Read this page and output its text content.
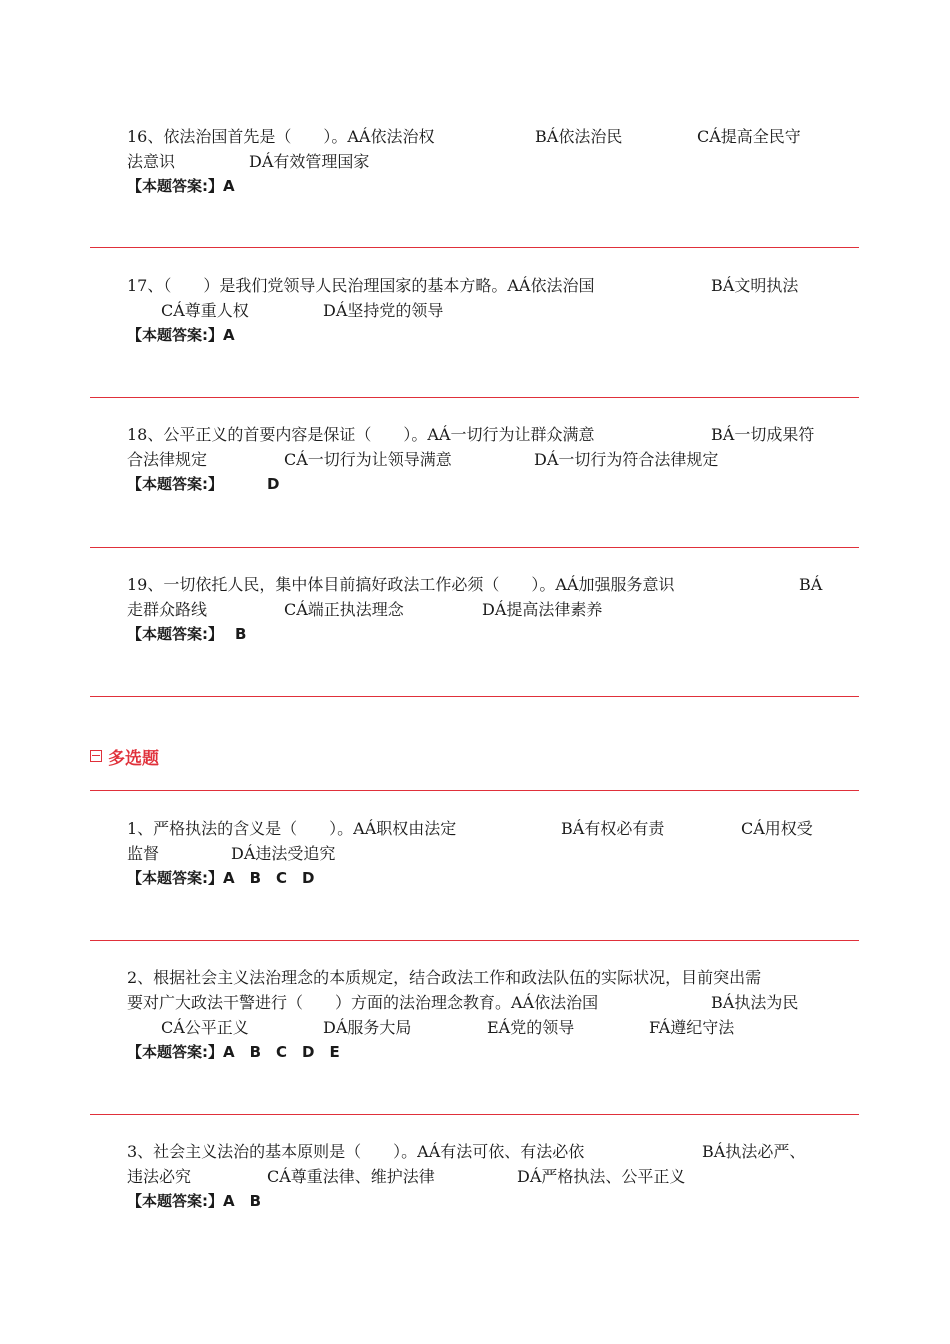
16、依法治国首先是（　　）。AÁ依法治权	BÁ依法治民	CÁ提高全民守
法意识	DÁ有效管理国家
【本题答案:】A
17、（　　）是我们党领导人民治理国家的基本方略。AÁ依法治国	BÁ文明执法
CÁ尊重人权	DÁ坚持党的领导
【本题答案:】A
18、公平正义的首要内容是保证（　　）。AÁ一切行为让群众满意	BÁ一切成果符
合法律规定	CÁ一切行为让领导满意	DÁ一切行为符合法律规定
【本题答案:】	D
19、一切依托人民，集中体目前搞好政法工作必须（　　）。AÁ加强服务意识	BÁ
走群众路线	CÁ端正执法理念	DÁ提高法律素养
【本题答案:】 B
多选题
1、严格执法的含义是（　　）。AÁ职权由法定	BÁ有权必有责	CÁ用权受
监督	DÁ违法受追究
【本题答案:】A　B　C　D
2、根据社会主义法治理念的本质规定，结合政法工作和政法队伍的实际状况，目前突出需
要对广大政法干警进行（　　）方面的法治理念教育。AÁ依法治国	BÁ执法为民
CÁ公平正义	DÁ服务大局	EÁ党的领导	FÁ遵纪守法
【本题答案:】A　B　C　D　E
3、社会主义法治的基本原则是（　　）。AÁ有法可依、有法必依	BÁ执法必严、
违法必究	CÁ尊重法律、维护法律	DÁ严格执法、公平正义
【本题答案:】A　B
